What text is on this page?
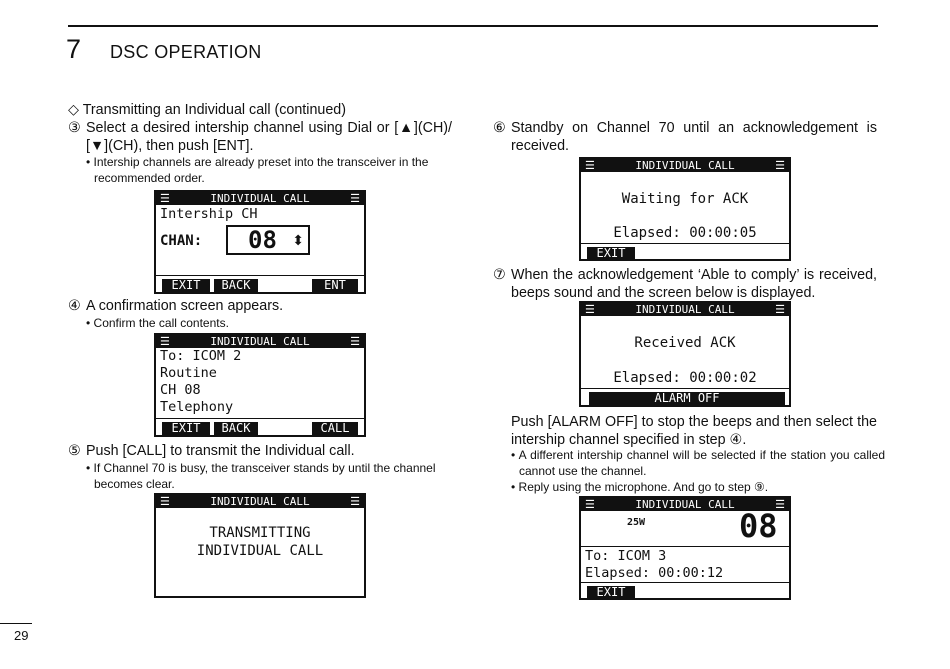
7 DSC OPERATION
◇ Transmitting an Individual call (continued)
③ Select a desired intership channel using Dial or [▲](CH)/ [▼](CH), then push [ENT].
• Intership channels are already preset into the transceiver in the recommended order.
☰	INDIVIDUAL CALL	☰
Intership CH
CHAN: 08 ⬍
EXIT	BACK	ENT
④ A confirmation screen appears.
• Confirm the call contents.
☰	INDIVIDUAL CALL	☰
To: ICOM 2
Routine
CH 08
Telephony
EXIT	BACK	CALL
⑤ Push [CALL] to transmit the Individual call.
• If Channel 70 is busy, the transceiver stands by until the channel becomes clear.
☰	INDIVIDUAL CALL	☰
TRANSMITTING
INDIVIDUAL CALL
⑥ Standby on Channel 70 until an acknowledgement is received.
☰	INDIVIDUAL CALL	☰
Waiting for ACK
Elapsed: 00:00:05
EXIT
⑦ When the acknowledgement ‘Able to comply’ is received, beeps sound and the screen below is displayed.
☰	INDIVIDUAL CALL	☰
Received ACK
Elapsed: 00:00:02
ALARM OFF
Push [ALARM OFF] to stop the beeps and then select the intership channel specified in step ④.
• A different intership channel will be selected if the station you called cannot use the channel.
• Reply using the microphone. And go to step ⑨.
☰	INDIVIDUAL CALL	☰
25W	08
To: ICOM 3
Elapsed: 00:00:12
EXIT
29
